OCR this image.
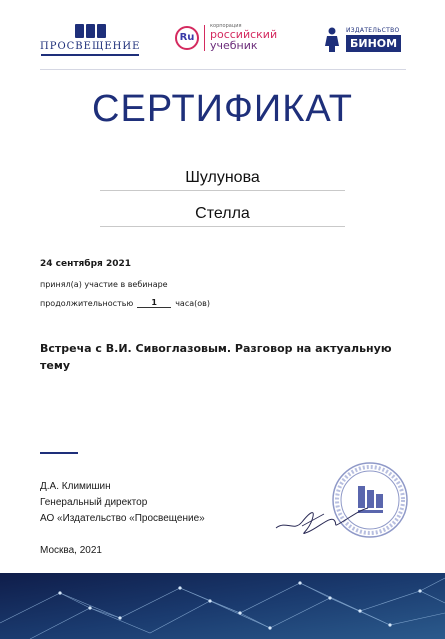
ПРОСВЕЩЕНИЕ
Ru
корпорация
российский
учебник
ИЗДАТЕЛЬСТВО
БИНОМ
СЕРТИФИКАТ
Шулунова
Стелла
24 сентября 2021
принял(а) участие в вебинаре
продолжительностью	1	часа(ов)
Встреча с В.И. Сивоглазовым. Разговор на актуальную тему
Д.А. Климишин
Генеральный директор
АО «Издательство «Просвещение»
Москва, 2021
